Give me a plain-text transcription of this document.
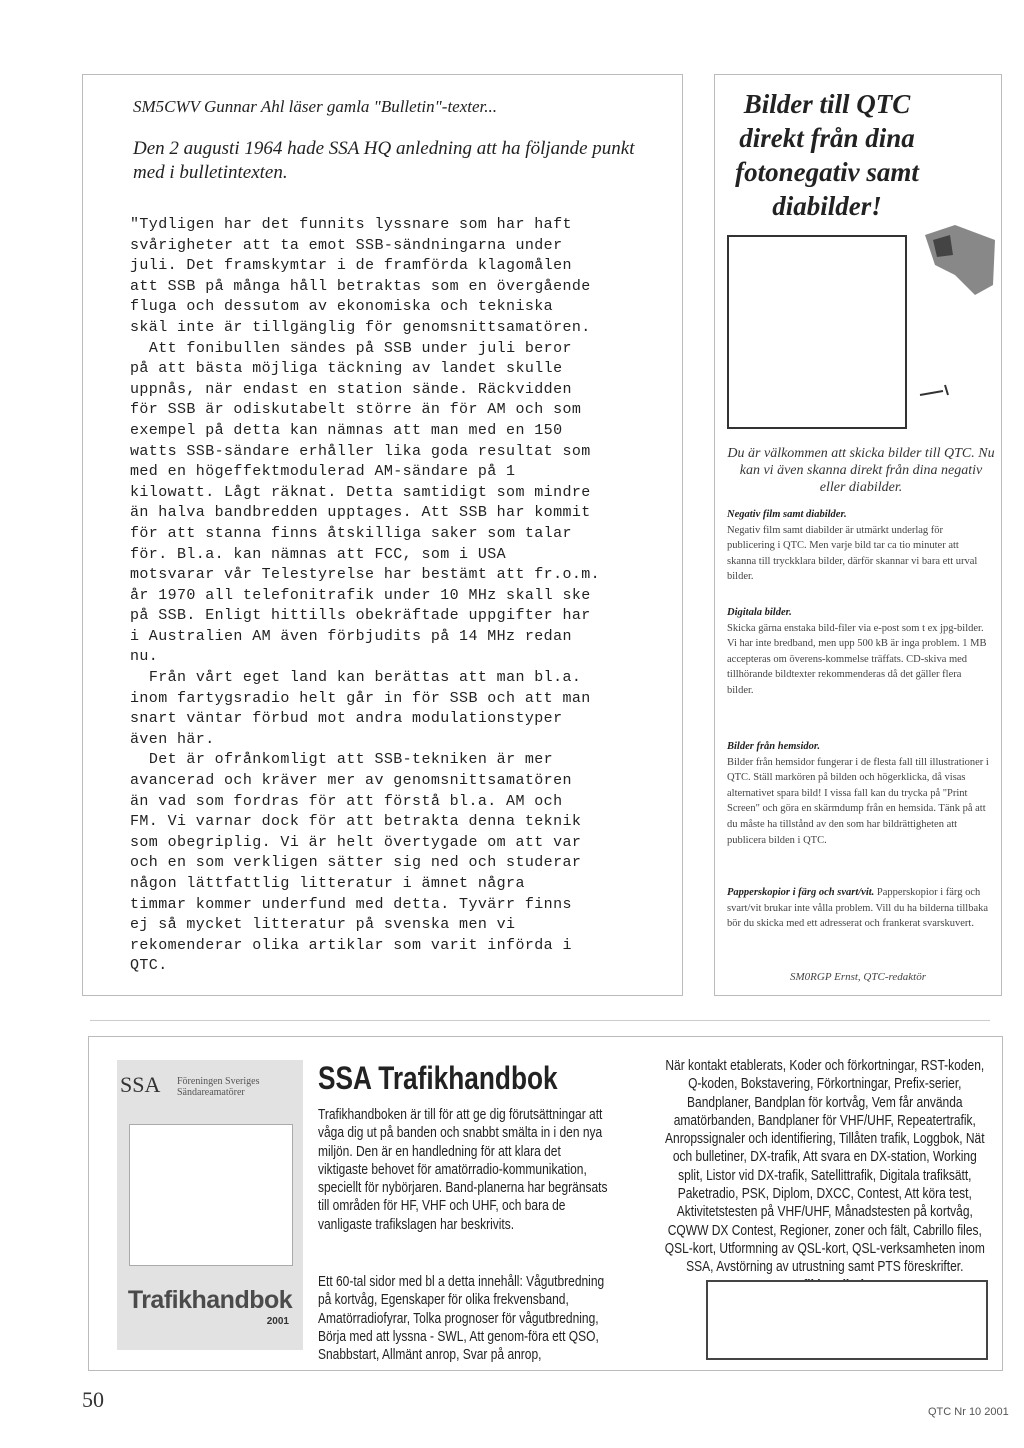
SM5CWV Gunnar Ahl läser gamla "Bulletin"-texter...
Den 2 augusti 1964 hade SSA HQ anledning att ha följande punkt med i bulletintexten.
"Tydligen har det funnits lyssnare som har haft
svårigheter att ta emot SSB-sändningarna under
juli. Det framskymtar i de framförda klagomålen
att SSB på många håll betraktas som en övergående
fluga och dessutom av ekonomiska och tekniska
skäl inte är tillgänglig för genomsnittsamatören.
Att fonibullen sändes på SSB under juli beror
på att bästa möjliga täckning av landet skulle
uppnås, när endast en station sände. Räckvidden
för SSB är odiskutabelt större än för AM och som
exempel på detta kan nämnas att man med en 150
watts SSB-sändare erhåller lika goda resultat som
med en högeffektmodulerad AM-sändare på 1
kilowatt. Lågt räknat. Detta samtidigt som mindre
än halva bandbredden upptages. Att SSB har kommit
för att stanna finns åtskilliga saker som talar
för. Bl.a. kan nämnas att FCC, som i USA
motsvarar vår Telestyrelse har bestämt att fr.o.m.
år 1970 all telefonitrafik under 10 MHz skall ske
på SSB. Enligt hittills obekräftade uppgifter har
i Australien AM även förbjudits på 14 MHz redan
nu.
Från vårt eget land kan berättas att man bl.a.
inom fartygsradio helt går in för SSB och att man
snart väntar förbud mot andra modulationstyper
även här.
Det är ofrånkomligt att SSB-tekniken är mer
avancerad och kräver mer av genomsnittsamatören
än vad som fordras för att förstå bl.a. AM och
FM. Vi varnar dock för att betrakta denna teknik
som obegriplig. Vi är helt övertygade om att var
och en som verkligen sätter sig ned och studerar
någon lättfattlig litteratur i ämnet några
timmar kommer underfund med detta. Tyvärr finns
ej så mycket litteratur på svenska men vi
rekomenderar olika artiklar som varit införda i
QTC.
Bilder till QTC direkt från dina fotonegativ samt diabilder!
Du är välkommen att skicka bilder till QTC. Nu kan vi även skanna direkt från dina negativ eller diabilder.
Negativ film samt diabilder.
Negativ film samt diabilder är utmärkt underlag för publicering i QTC. Men varje bild tar ca tio minuter att skanna till tryckklara bilder, därför skannar vi bara ett urval bilder.
Digitala bilder.
Skicka gärna enstaka bild-filer via e-post som t ex jpg-bilder. Vi har inte bredband, men upp 500 kB är inga problem. 1 MB accepteras om överens-kommelse träffats. CD-skiva med tillhörande bildtexter rekommenderas då det gäller flera bilder.
Bilder från hemsidor.
Bilder från hemsidor fungerar i de flesta fall till illustrationer i QTC. Ställ markören på bilden och högerklicka, då visas alternativet spara bild! I vissa fall kan du trycka på "Print Screen" och göra en skärmdump från en hemsida. Tänk på att du måste ha tillstånd av den som har bildrättigheten att publicera bilden i QTC.
Papperskopior i färg och svart/vit. Papperskopior i färg och svart/vit brukar inte vålla problem. Vill du ha bilderna tillbaka bör du skicka med ett adresserat och frankerat svarskuvert.
SM0RGP Ernst, QTC-redaktör
SSA Föreningen Sveriges Sändareamatörer
Trafikhandbok
2001
SSA Trafikhandbok
Trafikhandboken är till för att ge dig förutsättningar att våga dig ut på banden och snabbt smälta in i den nya miljön. Den är en handledning för att klara det viktigaste behovet för amatörradio-kommunikation, speciellt för nybörjaren. Band-planerna har begränsats till områden för HF, VHF och UHF, och bara de vanligaste trafikslagen har beskrivits.
Ett 60-tal sidor med bl a detta innehåll: Vågutbredning på kortvåg, Egenskaper för olika frekvensband, Amatörradiofyrar, Tolka prognoser för vågutbredning, Börja med att lyssna - SWL, Att genom-föra ett QSO, Snabbstart, Allmänt anrop, Svar på anrop,
När kontakt etablerats, Koder och förkortningar, RST-koden, Q-koden, Bokstavering, Förkortningar, Prefix-serier, Bandplaner, Bandplan för kortvåg, Vem får använda amatörbanden, Bandplaner för VHF/UHF, Repeatertrafik, Anropssignaler och identifiering, Tillåten trafik, Loggbok, Nät och bulletiner, DX-trafik, Att svara en DX-station, Working split, Listor vid DX-trafik, Satellittrafik, Digitala trafiksätt, Paketradio, PSK, Diplom, DXCC, Contest, Att köra test, Aktivitetstesten på VHF/UHF, Månadstesten på kortvåg, CQWW DX Contest, Regioner, zoner och fält, Cabrillo files, QSL-kort, Utformning av QSL-kort, QSL-verksamheten inom SSA, Avstörning av utrustning samt PTS föreskrifter.

50	QTC Nr 10 2001
